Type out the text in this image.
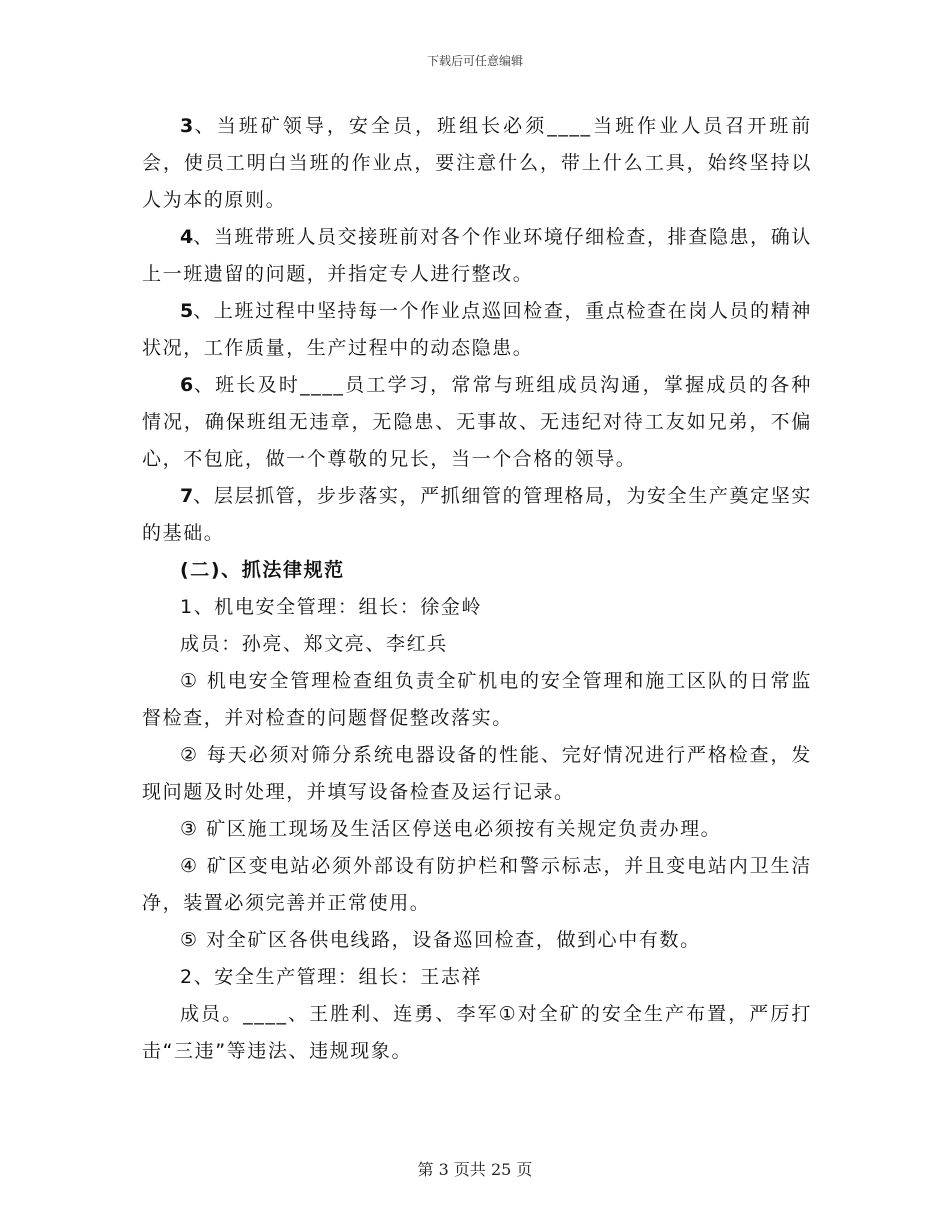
下载后可任意编辑

3、当班矿领导，安全员，班组长必须____当班作业人员召开班前会，使员工明白当班的作业点，要注意什么，带上什么工具，始终坚持以人为本的原则。

4、当班带班人员交接班前对各个作业环境仔细检查，排查隐患，确认上一班遗留的问题，并指定专人进行整改。

5、上班过程中坚持每一个作业点巡回检查，重点检查在岗人员的精神状况，工作质量，生产过程中的动态隐患。

6、班长及时____员工学习，常常与班组成员沟通，掌握成员的各种情况，确保班组无违章，无隐患、无事故、无违纪对待工友如兄弟，不偏心，不包庇，做一个尊敬的兄长，当一个合格的领导。

7、层层抓管，步步落实，严抓细管的管理格局，为安全生产奠定坚实的基础。

(二)、抓法律规范

1、机电安全管理：组长：徐金岭

成员：孙亮、郑文亮、李红兵

① 机电安全管理检查组负责全矿机电的安全管理和施工区队的日常监督检查，并对检查的问题督促整改落实。

② 每天必须对筛分系统电器设备的性能、完好情况进行严格检查，发现问题及时处理，并填写设备检查及运行记录。

③ 矿区施工现场及生活区停送电必须按有关规定负责办理。

④ 矿区变电站必须外部设有防护栏和警示标志，并且变电站内卫生洁净，装置必须完善并正常使用。

⑤ 对全矿区各供电线路，设备巡回检查，做到心中有数。

2、安全生产管理：组长：王志祥

成员。____、王胜利、连勇、李军①对全矿的安全生产布置，严厉打击“三违”等违法、违规现象。

第 3 页共 25 页
